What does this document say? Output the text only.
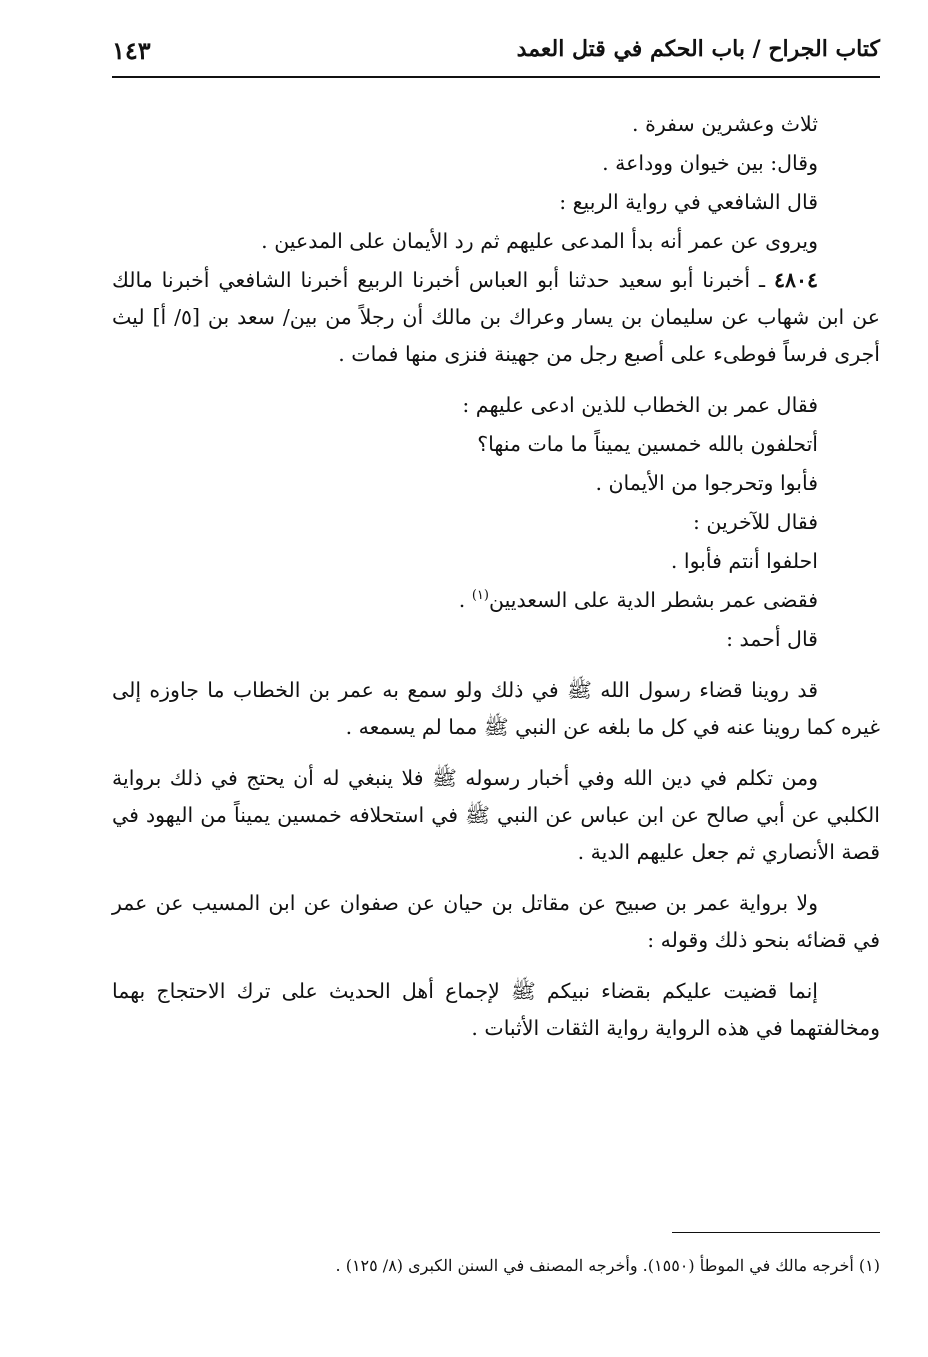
كتاب الجراح / باب الحكم في قتل العمد
١٤٣

ثلاث وعشرين سفرة .

وقال: بين خيوان ووداعة .

قال الشافعي في رواية الربيع :

ويروى عن عمر أنه بدأ المدعى عليهم ثم رد الأيمان على المدعين .

٤٨٠٤ ـ أخبرنا أبو سعيد حدثنا أبو العباس أخبرنا الربيع أخبرنا الشافعي أخبرنا مالك عن ابن شهاب عن سليمان بن يسار وعراك بن مالك أن رجلاً من بين/ سعد بن [٥/ أ] ليث أجرى فرساً فوطىء على أصبع رجل من جهينة فنزى منها فمات .

فقال عمر بن الخطاب للذين ادعى عليهم :

أتحلفون بالله خمسين يميناً ما مات منها؟

فأبوا وتحرجوا من الأيمان .

فقال للآخرين :

احلفوا أنتم فأبوا .

فقضى عمر بشطر الدية على السعديين$^{(١)}$ .

قال أحمد :

قد روينا قضاء رسول الله ﷺ في ذلك ولو سمع به عمر بن الخطاب ما جاوزه إلى غيره كما روينا عنه في كل ما بلغه عن النبي ﷺ مما لم يسمعه .

ومن تكلم في دين الله وفي أخبار رسوله ﷺ فلا ينبغي له أن يحتج في ذلك برواية الكلبي عن أبي صالح عن ابن عباس عن النبي ﷺ في استحلافه خمسين يميناً من اليهود في قصة الأنصاري ثم جعل عليهم الدية .

ولا برواية عمر بن صبيح عن مقاتل بن حيان عن صفوان عن ابن المسيب عن عمر في قضائه بنحو ذلك وقوله :

إنما قضيت عليكم بقضاء نبيكم ﷺ لإجماع أهل الحديث على ترك الاحتجاج بهما ومخالفتهما في هذه الرواية رواية الثقات الأثبات .

(١) أخرجه مالك في الموطأ (١٥٥٠). وأخرجه المصنف في السنن الكبرى (٨/ ١٢٥) .
